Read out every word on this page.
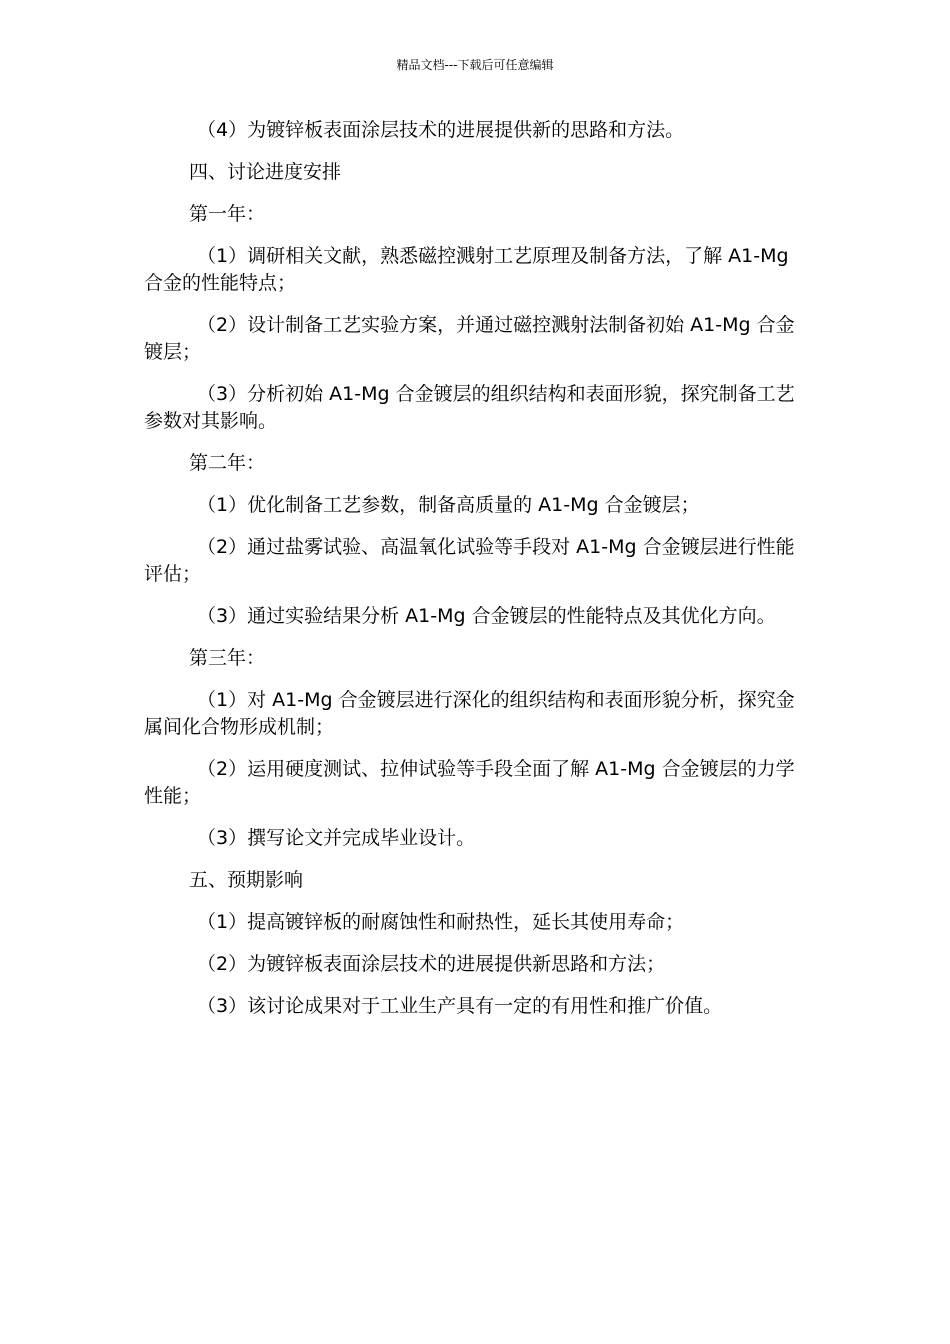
精品文档---下载后可任意编辑

（4）为镀锌板表面涂层技术的进展提供新的思路和方法。

四、讨论进度安排

第一年：

（1）调研相关文献，熟悉磁控溅射工艺原理及制备方法，了解 A1-Mg 合金的性能特点；

（2）设计制备工艺实验方案，并通过磁控溅射法制备初始 A1-Mg 合金镀层；

（3）分析初始 A1-Mg 合金镀层的组织结构和表面形貌，探究制备工艺参数对其影响。

第二年：

（1）优化制备工艺参数，制备高质量的 A1-Mg 合金镀层；

（2）通过盐雾试验、高温氧化试验等手段对 A1-Mg 合金镀层进行性能评估；

（3）通过实验结果分析 A1-Mg 合金镀层的性能特点及其优化方向。

第三年：

（1）对 A1-Mg 合金镀层进行深化的组织结构和表面形貌分析，探究金属间化合物形成机制；

（2）运用硬度测试、拉伸试验等手段全面了解 A1-Mg 合金镀层的力学性能；

（3）撰写论文并完成毕业设计。

五、预期影响

（1）提高镀锌板的耐腐蚀性和耐热性，延长其使用寿命；

（2）为镀锌板表面涂层技术的进展提供新思路和方法；

（3）该讨论成果对于工业生产具有一定的有用性和推广价值。
